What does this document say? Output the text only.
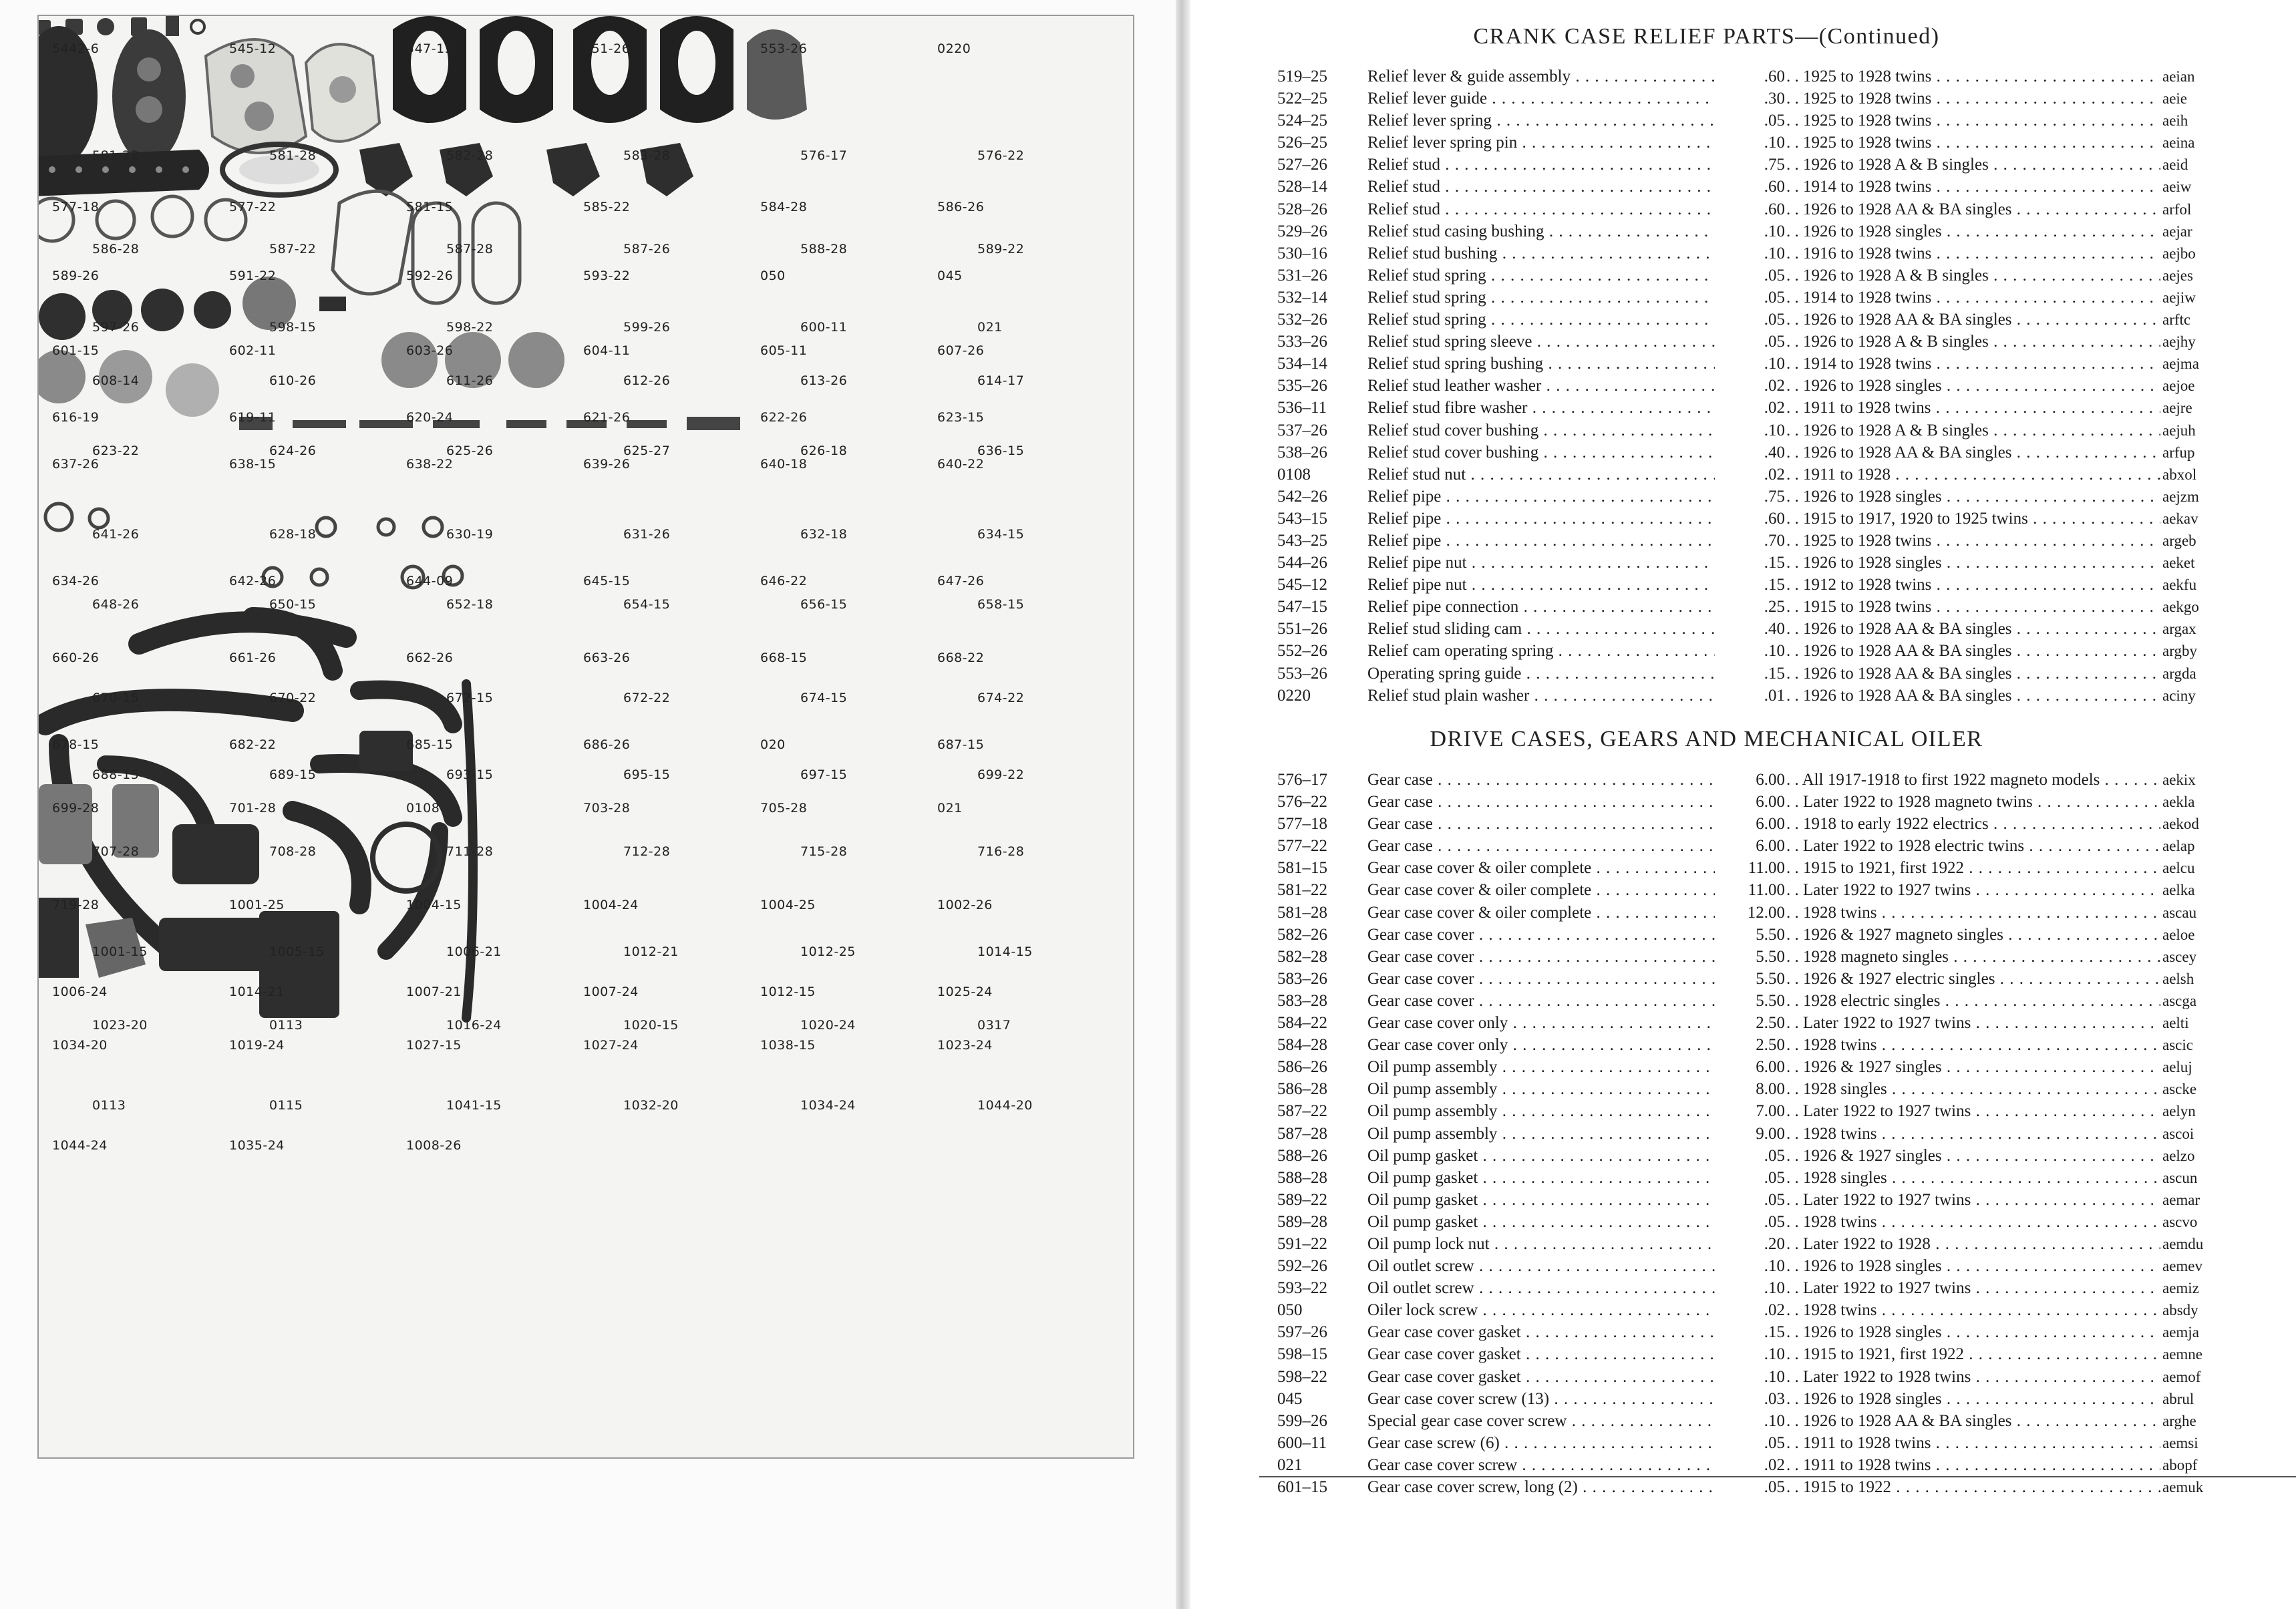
5442-6	545-12	547-15	551-26	553-26	0220
581-22	581-28	582-28	583-28	576-17	576-22
577-18	577-22	581-15	585-22	584-28	586-26
586-28	587-22	587-28	587-26	588-28	589-22
589-26	591-22	592-26	593-22	050	045
597-26	598-15	598-22	599-26	600-11	021
601-15	602-11	603-26	604-11	605-11	607-26
608-14	610-26	611-26	612-26	613-26	614-17
616-19	619-11	620-24	621-26	622-26	623-15
623-22	624-26	625-26	625-27	626-18	636-15
637-26	638-15	638-22	639-26	640-18	640-22
641-26	628-18	630-19	631-26	632-18	634-15
634-26	642-26	644-09	645-15	646-22	647-26
648-26	650-15	652-18	654-15	656-15	658-15
660-26	661-26	662-26	663-26	668-15	668-22
670-15	670-22	672-15	672-22	674-15	674-22
678-15	682-22	685-15	686-26	020	687-15
688-15	689-15	693-15	695-15	697-15	699-22
699-28	701-28	0108	703-28	705-28	021
707-28	708-28	711-28	712-28	715-28	716-28
719-28	1001-25	1004-15	1004-24	1004-25	1002-26
1001-15	1005-15	1006-21	1012-21	1012-25	1014-15
1006-24	1014-21	1007-21	1007-24	1012-15	1025-24
1023-20	0113	1016-24	1020-15	1020-24	0317
1034-20	1019-24	1027-15	1027-24	1038-15	1023-24
0113	0115	1041-15	1032-20	1034-24	1044-20
1044-24	1035-24	1008-26
CRANK CASE RELIEF PARTS—(Continued)
519–25	Relief lever & guide assembly . . .	.60	. . 1925 to 1928 twins . . .	aeian
522–25	Relief lever guide . . .	.30	. . 1925 to 1928 twins . . .	aeie
524–25	Relief lever spring . . .	.05	. . 1925 to 1928 twins . . .	aeih
526–25	Relief lever spring pin . . .	.10	. . 1925 to 1928 twins . . .	aeina
527–26	Relief stud . . .	.75	. . 1926 to 1928 A & B singles . . .	aeid
528–14	Relief stud . . .	.60	. . 1914 to 1928 twins . . .	aeiw
528–26	Relief stud . . .	.60	. . 1926 to 1928 AA & BA singles . . .	arfol
529–26	Relief stud casing bushing . . .	.10	. . 1926 to 1928 singles . . .	aejar
530–16	Relief stud bushing . . .	.10	. . 1916 to 1928 twins . . .	aejbo
531–26	Relief stud spring . . .	.05	. . 1926 to 1928 A & B singles . . .	aejes
532–14	Relief stud spring . . .	.05	. . 1914 to 1928 twins . . .	aejiw
532–26	Relief stud spring . . .	.05	. . 1926 to 1928 AA & BA singles . . .	arftc
533–26	Relief stud spring sleeve . . .	.05	. . 1926 to 1928 A & B singles . . .	aejhy
534–14	Relief stud spring bushing . . .	.10	. . 1914 to 1928 twins . . .	aejma
535–26	Relief stud leather washer . . .	.02	. . 1926 to 1928 singles . . .	aejoe
536–11	Relief stud fibre washer . . .	.02	. . 1911 to 1928 twins . . .	aejre
537–26	Relief stud cover bushing . . .	.10	. . 1926 to 1928 A & B singles . . .	aejuh
538–26	Relief stud cover bushing . . .	.40	. . 1926 to 1928 AA & BA singles . . .	arfup
0108	Relief stud nut . . .	.02	. . 1911 to 1928 . . .	abxol
542–26	Relief pipe . . .	.75	. . 1926 to 1928 singles . . .	aejzm
543–15	Relief pipe . . .	.60	. . 1915 to 1917, 1920 to 1925 twins . . .	aekav
543–25	Relief pipe . . .	.70	. . 1925 to 1928 twins . . .	argeb
544–26	Relief pipe nut . . .	.15	. . 1926 to 1928 singles . . .	aeket
545–12	Relief pipe nut . . .	.15	. . 1912 to 1928 twins . . .	aekfu
547–15	Relief pipe connection . . .	.25	. . 1915 to 1928 twins . . .	aekgo
551–26	Relief stud sliding cam . . .	.40	. . 1926 to 1928 AA & BA singles . . .	argax
552–26	Relief cam operating spring . . .	.10	. . 1926 to 1928 AA & BA singles . . .	argby
553–26	Operating spring guide . . .	.15	. . 1926 to 1928 AA & BA singles . . .	argda
0220	Relief stud plain washer . . .	.01	. . 1926 to 1928 AA & BA singles . . .	aciny
DRIVE CASES, GEARS AND MECHANICAL OILER
576–17	Gear case . . .	6.00	. . All 1917-1918 to first 1922 magneto models . . .	aekix
576–22	Gear case . . .	6.00	. . Later 1922 to 1928 magneto twins . . .	aekla
577–18	Gear case . . .	6.00	. . 1918 to early 1922 electrics . . .	aekod
577–22	Gear case . . .	6.00	. . Later 1922 to 1928 electric twins . . .	aelap
581–15	Gear case cover & oiler complete . . .	11.00	. . 1915 to 1921, first 1922 . . .	aelcu
581–22	Gear case cover & oiler complete . . .	11.00	. . Later 1922 to 1927 twins . . .	aelka
581–28	Gear case cover & oiler complete . . .	12.00	. . 1928 twins . . .	ascau
582–26	Gear case cover . . .	5.50	. . 1926 & 1927 magneto singles . . .	aeloe
582–28	Gear case cover . . .	5.50	. . 1928 magneto singles . . .	ascey
583–26	Gear case cover . . .	5.50	. . 1926 & 1927 electric singles . . .	aelsh
583–28	Gear case cover . . .	5.50	. . 1928 electric singles . . .	ascga
584–22	Gear case cover only . . .	2.50	. . Later 1922 to 1927 twins . . .	aelti
584–28	Gear case cover only . . .	2.50	. . 1928 twins . . .	ascic
586–26	Oil pump assembly . . .	6.00	. . 1926 & 1927 singles . . .	aeluj
586–28	Oil pump assembly . . .	8.00	. . 1928 singles . . .	ascke
587–22	Oil pump assembly . . .	7.00	. . Later 1922 to 1927 twins . . .	aelyn
587–28	Oil pump assembly . . .	9.00	. . 1928 twins . . .	ascoi
588–26	Oil pump gasket . . .	.05	. . 1926 & 1927 singles . . .	aelzo
588–28	Oil pump gasket . . .	.05	. . 1928 singles . . .	ascun
589–22	Oil pump gasket . . .	.05	. . Later 1922 to 1927 twins . . .	aemar
589–28	Oil pump gasket . . .	.05	. . 1928 twins . . .	ascvo
591–22	Oil pump lock nut . . .	.20	. . Later 1922 to 1928 . . .	aemdu
592–26	Oil outlet screw . . .	.10	. . 1926 to 1928 singles . . .	aemev
593–22	Oil outlet screw . . .	.10	. . Later 1922 to 1927 twins . . .	aemiz
050	Oiler lock screw . . .	.02	. . 1928 twins . . .	absdy
597–26	Gear case cover gasket . . .	.15	. . 1926 to 1928 singles . . .	aemja
598–15	Gear case cover gasket . . .	.10	. . 1915 to 1921, first 1922 . . .	aemne
598–22	Gear case cover gasket . . .	.10	. . Later 1922 to 1928 twins . . .	aemof
045	Gear case cover screw (13) . . .	.03	. . 1926 to 1928 singles . . .	abrul
599–26	Special gear case cover screw . . .	.10	. . 1926 to 1928 AA & BA singles . . .	arghe
600–11	Gear case screw (6) . . .	.05	. . 1911 to 1928 twins . . .	aemsi
021	Gear case cover screw . . .	.02	. . 1911 to 1928 twins . . .	abopf
601–15	Gear case cover screw, long (2) . . .	.05	. . 1915 to 1922 . . .	aemuk
